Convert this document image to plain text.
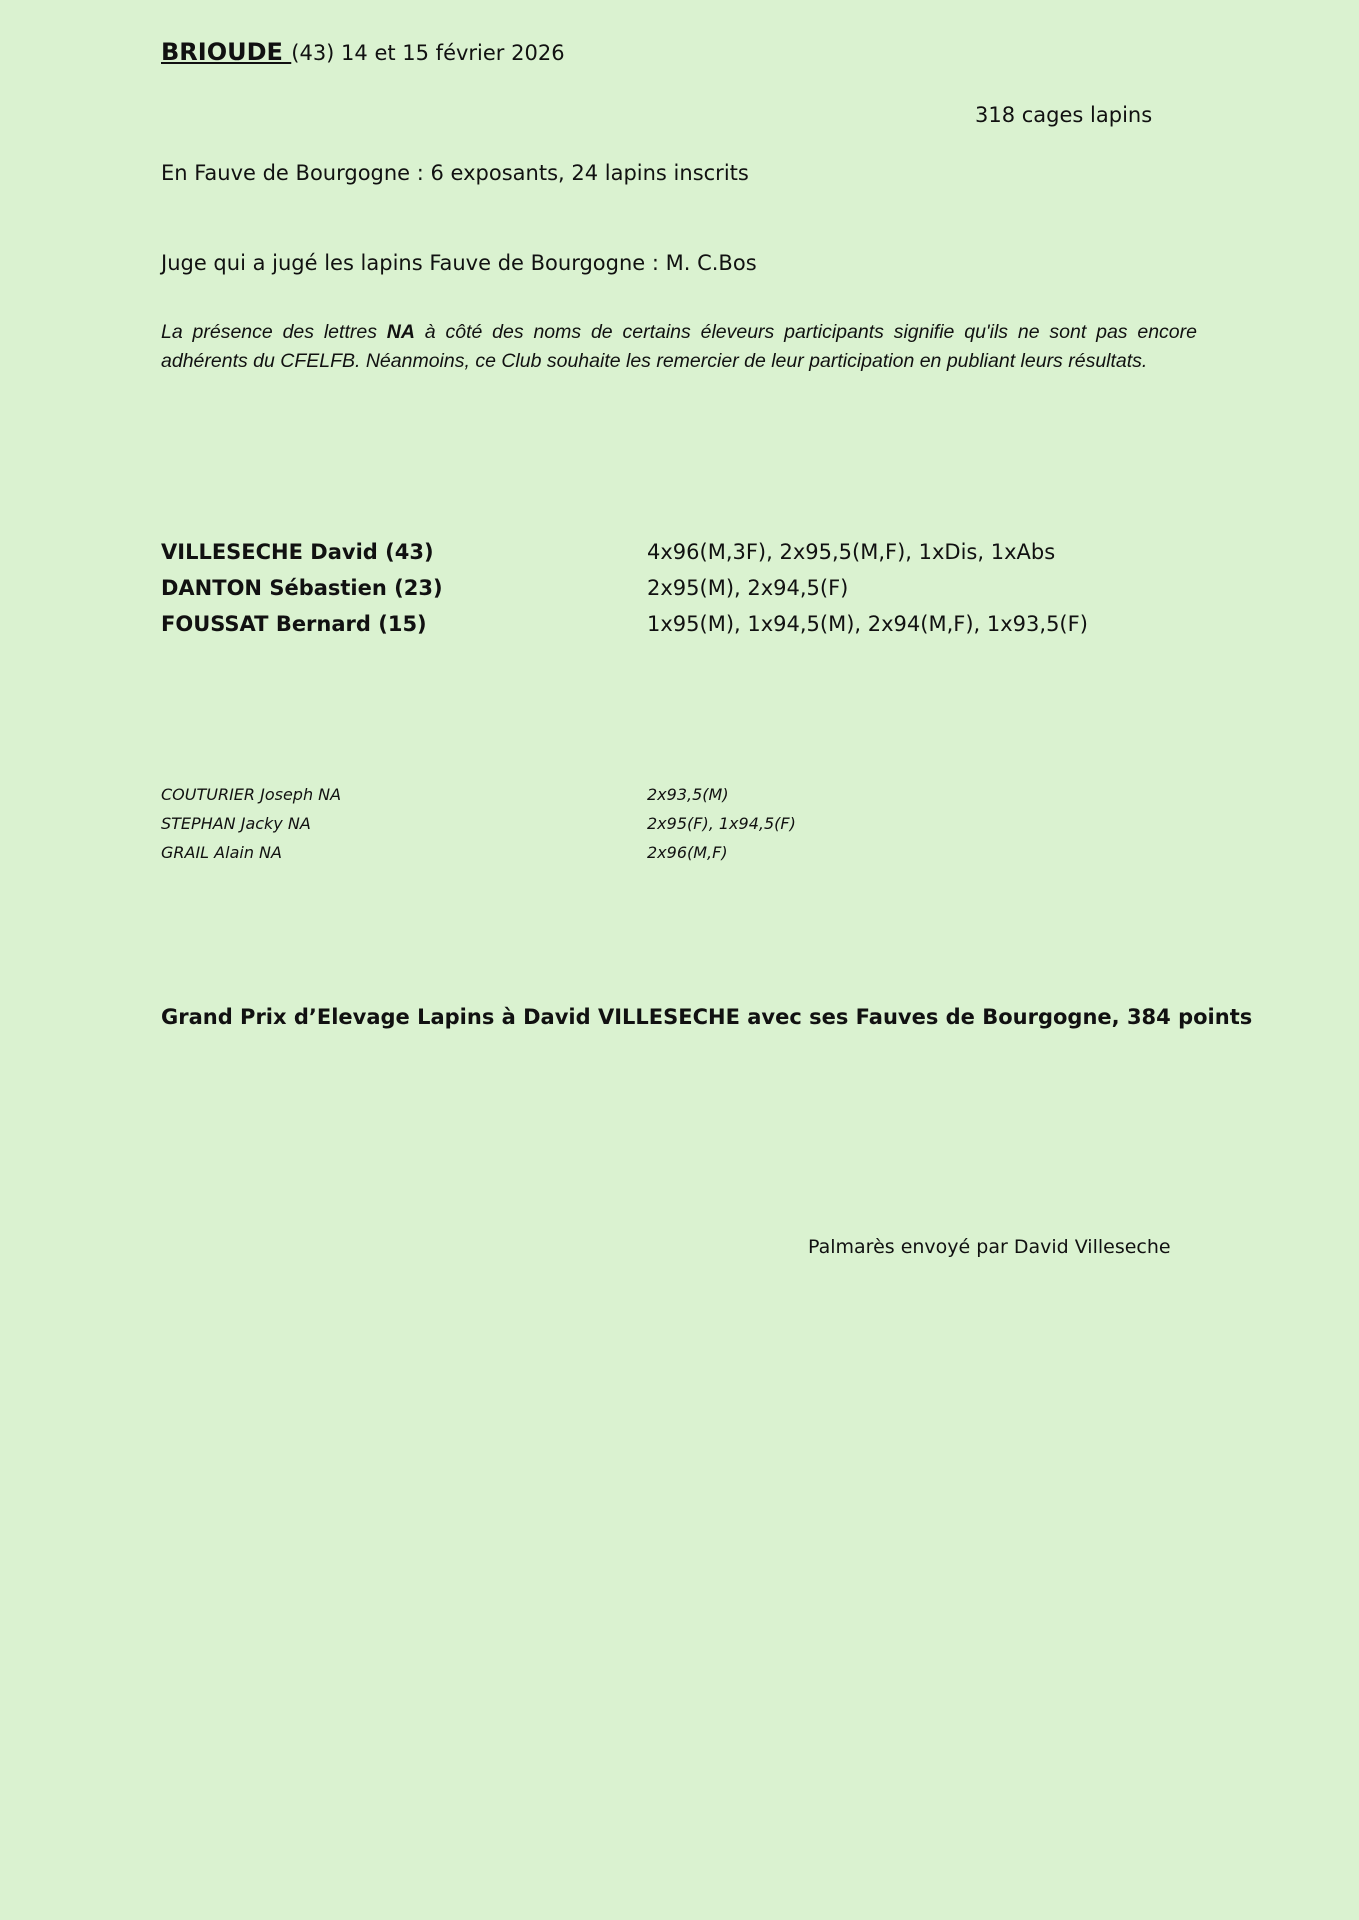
BRIOUDE (43) 14 et 15 février 2026
318 cages lapins
En Fauve de Bourgogne : 6 exposants, 24 lapins inscrits
Juge qui a jugé les lapins Fauve de Bourgogne : M. C.Bos
La présence des lettres NA à côté des noms de certains éleveurs participants signifie qu'ils ne sont pas encore adhérents du CFELFB. Néanmoins, ce Club souhaite les remercier de leur participation en publiant leurs résultats.
VILLESECHE David (43)	4x96(M,3F), 2x95,5(M,F), 1xDis, 1xAbs
DANTON Sébastien (23)	2x95(M), 2x94,5(F)
FOUSSAT Bernard (15)	1x95(M), 1x94,5(M), 2x94(M,F), 1x93,5(F)
COUTURIER Joseph NA	2x93,5(M)
STEPHAN Jacky NA	2x95(F), 1x94,5(F)
GRAIL Alain NA	2x96(M,F)
Grand Prix d’Elevage Lapins à David VILLESECHE avec ses Fauves de Bourgogne, 384 points
Palmarès envoyé par David Villeseche
